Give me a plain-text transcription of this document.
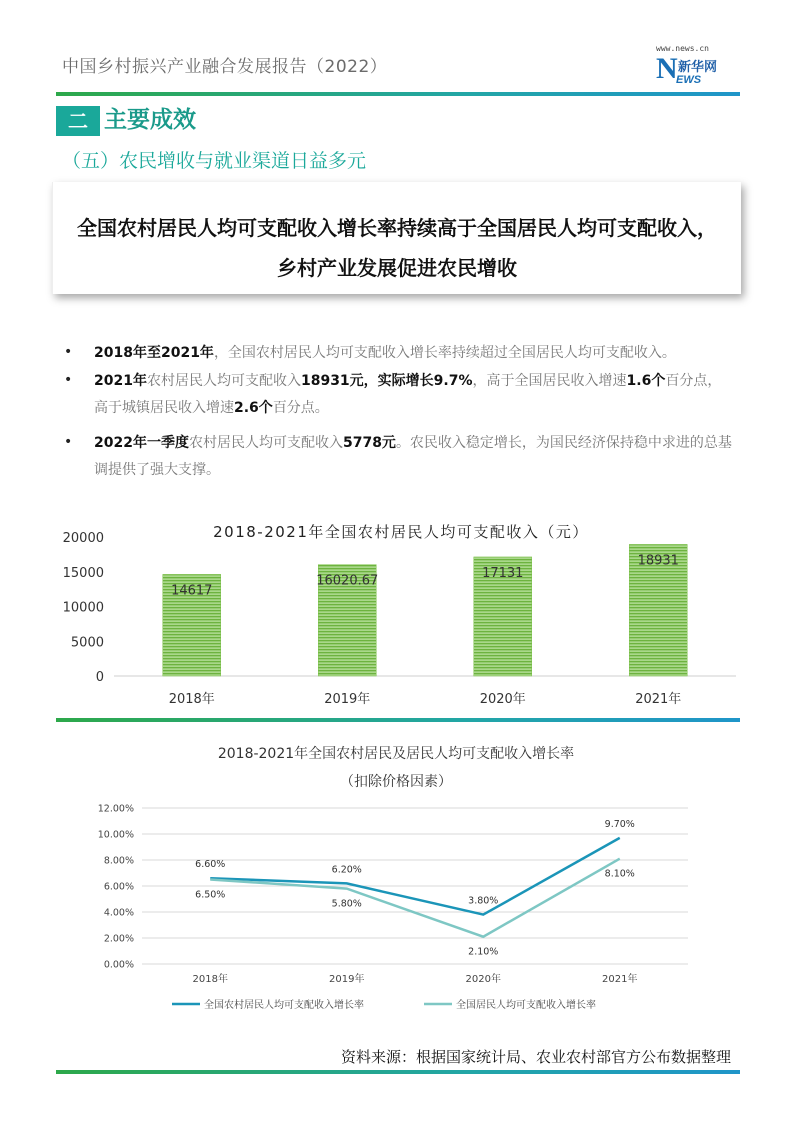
中国乡村振兴产业融合发展报告（2022）
www.news.cn
N 新华网
EWS
二 主要成效
（五）农民增收与就业渠道日益多元
全国农村居民人均可支配收入增长率持续高于全国居民人均可支配收入，
乡村产业发展促进农民增收
• 2018年至2021年，全国农村居民人均可支配收入增长率持续超过全国居民人均可支配收入。
• 2021年农村居民人均可支配收入18931元，实际增长9.7%，高于全国居民收入增速1.6个百分点，高于城镇居民收入增速2.6个百分点。
• 2022年一季度农村居民人均可支配收入5778元。农民收入稳定增长，为国民经济保持稳中求进的总基调提供了强大支撑。
2018-2021年全国农村居民人均可支配收入（元）
0
5000
10000
15000
20000
14617
16020.67
17131
18931
2018年	2019年	2020年	2021年
2018-2021年全国农村居民及居民人均可支配收入增长率
（扣除价格因素）
0.00%
2.00%
4.00%
6.00%
8.00%
10.00%
12.00%
6.60%	6.20%
3.80%
9.70%
6.50%
5.80%
2.10%
8.10%
2018年	2019年	2020年	2021年
全国农村居民人均可支配收入增长率	全国居民人均可支配收入增长率
资料来源：根据国家统计局、农业农村部官方公布数据整理
